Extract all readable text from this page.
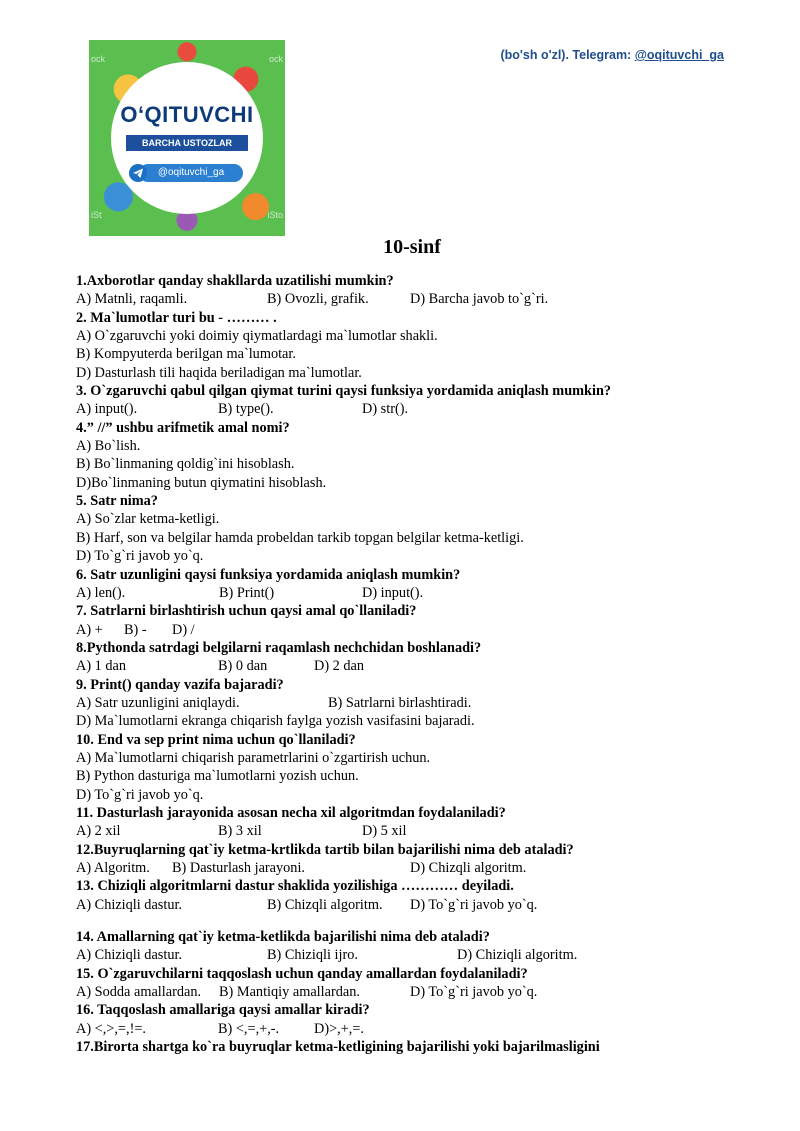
(bo'sh o'zl). Telegram: @oqituvchi_ga
ock	ock
iSt	iSto
O‘QITUVCHI
BARCHA USTOZLAR UCHUN
@oqituvchi_ga
10-sinf
1.Axborotlar qanday shakllarda uzatilishi mumkin?
A) Matnli, raqamli.	B) Ovozli, grafik.	D) Barcha javob to`g`ri.
2. Ma`lumotlar turi bu - ……… .
A) O`zgaruvchi yoki doimiy qiymatlardagi ma`lumotlar shakli.
B) Kompyuterda berilgan ma`lumotar.
D) Dasturlash tili haqida beriladigan ma`lumotlar.
3. O`zgaruvchi qabul qilgan qiymat turini qaysi funksiya yordamida aniqlash mumkin?
A) input().	B) type().	D) str().
4.” //” ushbu arifmetik amal nomi?
A) Bo`lish.
B) Bo`linmaning qoldig`ini hisoblash.
D)Bo`linmaning butun qiymatini hisoblash.
5. Satr nima?
A) So`zlar ketma-ketligi.
B) Harf, son va belgilar hamda probeldan tarkib topgan belgilar ketma-ketligi.
D) To`g`ri javob yo`q.
6. Satr uzunligini qaysi funksiya yordamida aniqlash mumkin?
A) len().	B) Print()	D) input().
7. Satrlarni birlashtirish uchun qaysi amal qo`llaniladi?
A) +	B) -	D) /
8.Pythonda satrdagi belgilarni raqamlash nechchidan boshlanadi?
A) 1 dan	B) 0 dan	D) 2 dan
9. Print() qanday vazifa bajaradi?
A) Satr uzunligini aniqlaydi.	B) Satrlarni birlashtiradi.
D) Ma`lumotlarni ekranga chiqarish faylga yozish vasifasini bajaradi.
10. End va sep print nima uchun qo`llaniladi?
A) Ma`lumotlarni chiqarish parametrlarini o`zgartirish uchun.
B) Python dasturiga ma`lumotlarni yozish uchun.
D) To`g`ri javob yo`q.
11. Dasturlash jarayonida asosan necha xil algoritmdan foydalaniladi?
A) 2 xil	B) 3 xil	D) 5 xil
12.Buyruqlarning qat`iy ketma-krtlikda tartib bilan bajarilishi nima deb ataladi?
A) Algoritm.	B) Dasturlash jarayoni.	D) Chizqli algoritm.
13. Chiziqli algoritmlarni dastur shaklida yozilishiga ………… deyiladi.
A) Chiziqli dastur.	B) Chizqli algoritm.	D) To`g`ri javob yo`q.
14. Amallarning qat`iy ketma-ketlikda bajarilishi nima deb ataladi?
A) Chiziqli dastur.	B) Chiziqli ijro.	D) Chiziqli algoritm.
15. O`zgaruvchilarni taqqoslash uchun qanday amallardan foydalaniladi?
A) Sodda amallardan.	B) Mantiqiy amallardan.	D) To`g`ri javob yo`q.
16. Taqqoslash amallariga qaysi amallar kiradi?
A) <,>,=,!=.	B) <,=,+,-.	D)>,+,=.
17.Birorta shartga ko`ra buyruqlar ketma-ketligining bajarilishi yoki bajarilmasligini
